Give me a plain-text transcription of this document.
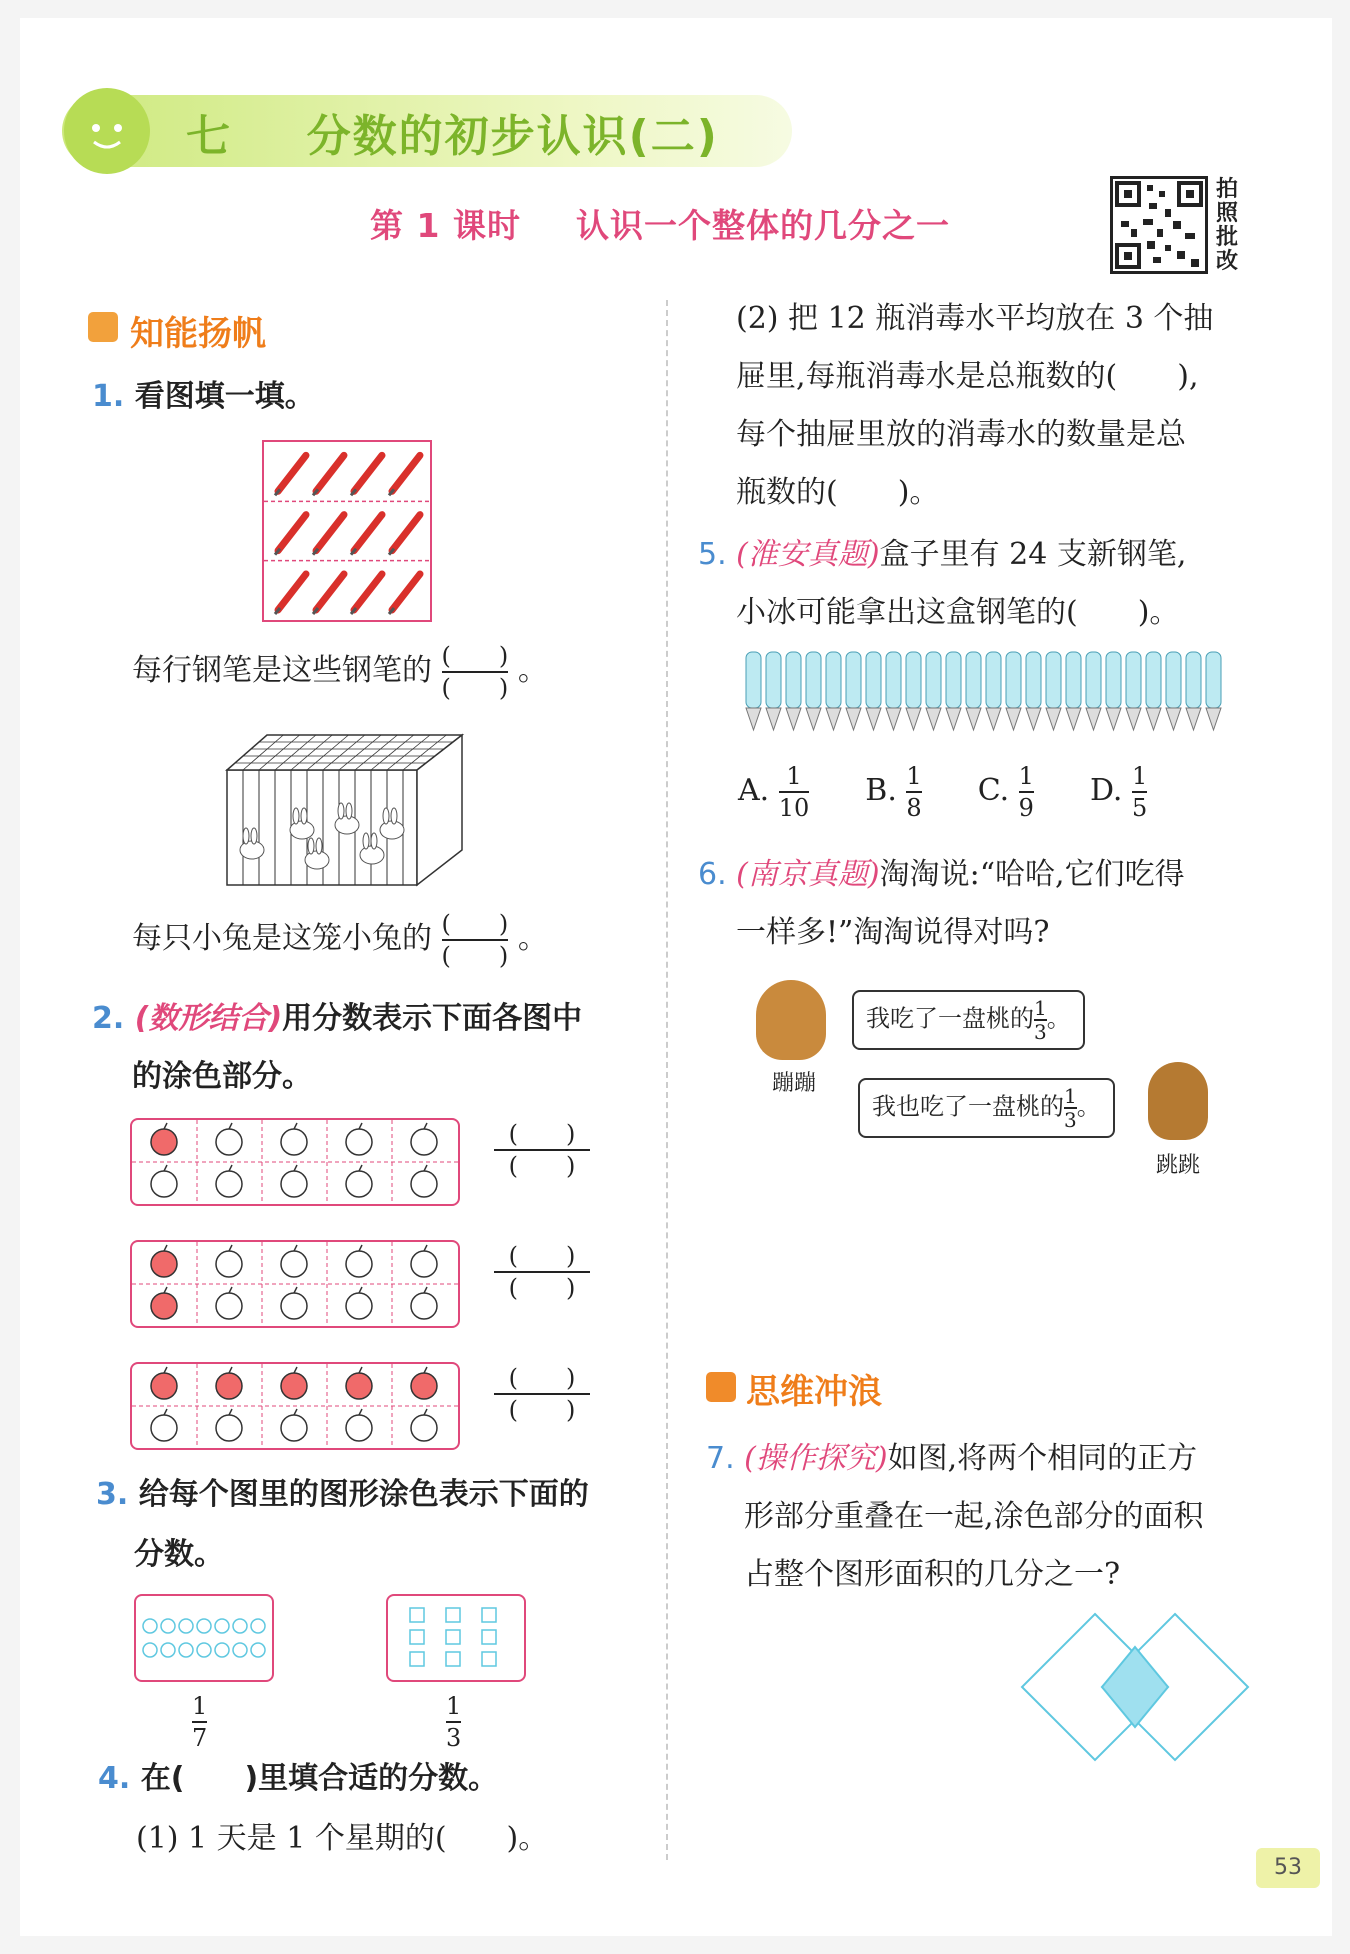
七 分数的初步认识(二)
第 1 课时 认识一个整体的几分之一
拍照批改
知能扬帆
1. 看图填一填。
每行钢笔是这些钢笔的 $\frac{( )}{( )}$ 。
每只小兔是这笼小兔的 $\frac{( )}{( )}$ 。
2. (数形结合)用分数表示下面各图中
的涂色部分。
(　　)
(　　)
(　　)
(　　)
(　　)
(　　)
3. 给每个图里的图形涂色表示下面的
分数。
1
7
1
3
4. 在(　　)里填合适的分数。
(1) 1 天是 1 个星期的(　　)。
(2) 把 12 瓶消毒水平均放在 3 个抽
屉里,每瓶消毒水是总瓶数的(　　),
每个抽屉里放的消毒水的数量是总
瓶数的(　　)。
5. (淮安真题)盒子里有 24 支新钢笔,
小冰可能拿出这盒钢笔的(　　)。
A. $\frac{1}{10} B$. $\frac{1}{8} C$. $\frac{1}{9} D$. $\frac{1}{5}$
6. (南京真题)淘淘说:“哈哈,它们吃得
一样多!”淘淘说得对吗?
蹦蹦
我吃了一盘桃的$\frac{1}{3}$。
我也吃了一盘桃的$\frac{1}{3}$。
跳跳
思维冲浪
7. (操作探究)如图,将两个相同的正方
形部分重叠在一起,涂色部分的面积
占整个图形面积的几分之一?
53
